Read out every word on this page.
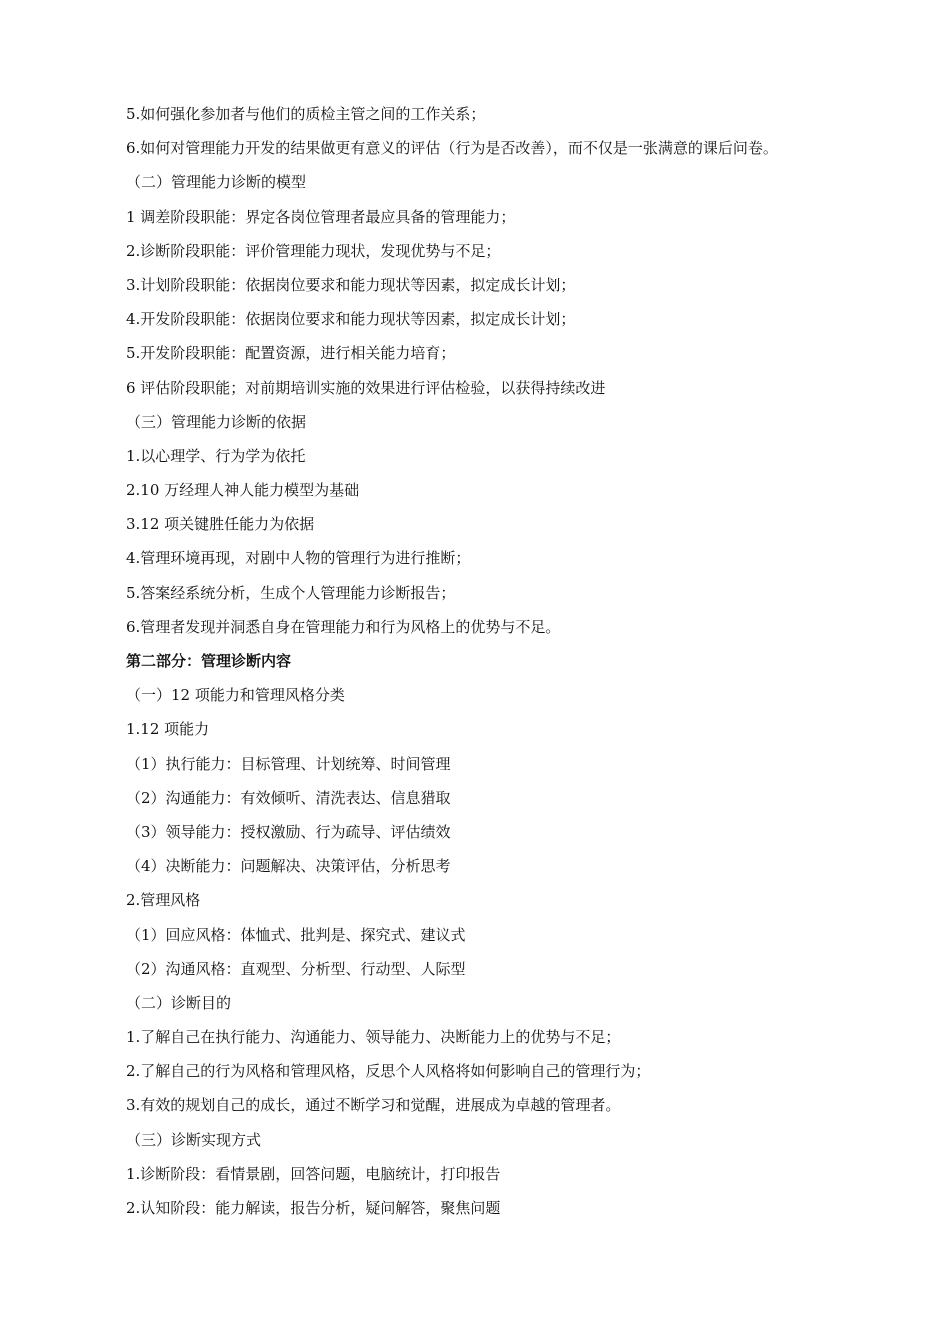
5.如何强化参加者与他们的质检主管之间的工作关系；
6.如何对管理能力开发的结果做更有意义的评估（行为是否改善），而不仅是一张满意的课后问卷。
（二）管理能力诊断的模型
1 调差阶段职能：界定各岗位管理者最应具备的管理能力；
2.诊断阶段职能：评价管理能力现状，发现优势与不足；
3.计划阶段职能：依据岗位要求和能力现状等因素，拟定成长计划；
4.开发阶段职能：依据岗位要求和能力现状等因素，拟定成长计划；
5.开发阶段职能：配置资源，进行相关能力培育；
6 评估阶段职能；对前期培训实施的效果进行评估检验，以获得持续改进
（三）管理能力诊断的依据
1.以心理学、行为学为依托
2.10 万经理人神人能力模型为基础
3.12 项关键胜任能力为依据
4.管理环境再现，对剧中人物的管理行为进行推断；
5.答案经系统分析，生成个人管理能力诊断报告；
6.管理者发现并洞悉自身在管理能力和行为风格上的优势与不足。
第二部分：管理诊断内容
（一）12 项能力和管理风格分类
1.12 项能力
（1）执行能力：目标管理、计划统筹、时间管理
（2）沟通能力：有效倾听、清洗表达、信息猎取
（3）领导能力：授权激励、行为疏导、评估绩效
（4）决断能力：问题解决、决策评估，分析思考
2.管理风格
（1）回应风格：体恤式、批判是、探究式、建议式
（2）沟通风格：直观型、分析型、行动型、人际型
（二）诊断目的
1.了解自己在执行能力、沟通能力、领导能力、决断能力上的优势与不足；
2.了解自己的行为风格和管理风格，反思个人风格将如何影响自己的管理行为；
3.有效的规划自己的成长，通过不断学习和觉醒，进展成为卓越的管理者。
（三）诊断实现方式
1.诊断阶段：看情景剧，回答问题，电脑统计，打印报告
2.认知阶段：能力解读，报告分析，疑问解答，聚焦问题
